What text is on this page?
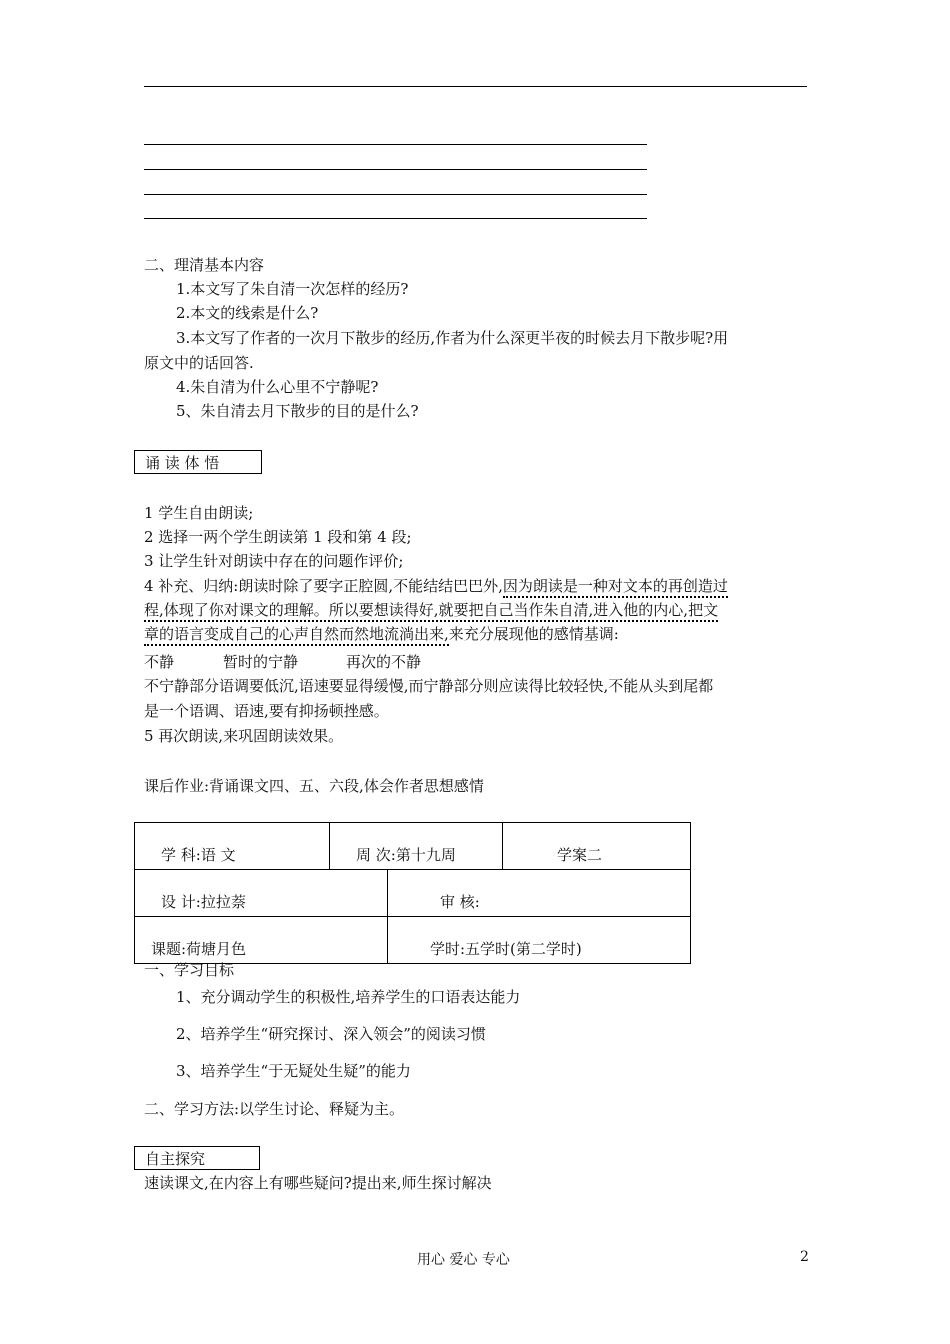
二、理清基本内容
1.本文写了朱自清一次怎样的经历?
2.本文的线索是什么?
3.本文写了作者的一次月下散步的经历,作者为什么深更半夜的时候去月下散步呢?用
原文中的话回答.
4.朱自清为什么心里不宁静呢?
5、朱自清去月下散步的目的是什么?
诵 读 体 悟
1 学生自由朗读;
2 选择一两个学生朗读第 1 段和第 4 段;
3 让学生针对朗读中存在的问题作评价;
4 补充、归纳:朗读时除了要字正腔圆,不能结结巴巴外,因为朗读是一种对文本的再创造过
程,体现了你对课文的理解。所以要想读得好,就要把自己当作朱自清,进入他的内心,把文
章的语言变成自己的心声自然而然地流淌出来,来充分展现他的感情基调:
不静	暂时的宁静	再次的不静
不宁静部分语调要低沉,语速要显得缓慢,而宁静部分则应读得比较轻快,不能从头到尾都
是一个语调、语速,要有抑扬顿挫感。
5 再次朗读,来巩固朗读效果。
课后作业:背诵课文四、五、六段,体会作者思想感情
学 科:语 文	周 次:第十九周		学案二
设 计:拉拉萘		审 核:	
课题:荷塘月色		学时:五学时(第二学时)	
一、学习目标
1、充分调动学生的积极性,培养学生的口语表达能力
2、培养学生“研究探讨、深入领会”的阅读习惯
3、培养学生“于无疑处生疑”的能力
二、学习方法:以学生讨论、释疑为主。
自主探究
速读课文,在内容上有哪些疑问?提出来,师生探讨解决
用心 爱心 专心	2
